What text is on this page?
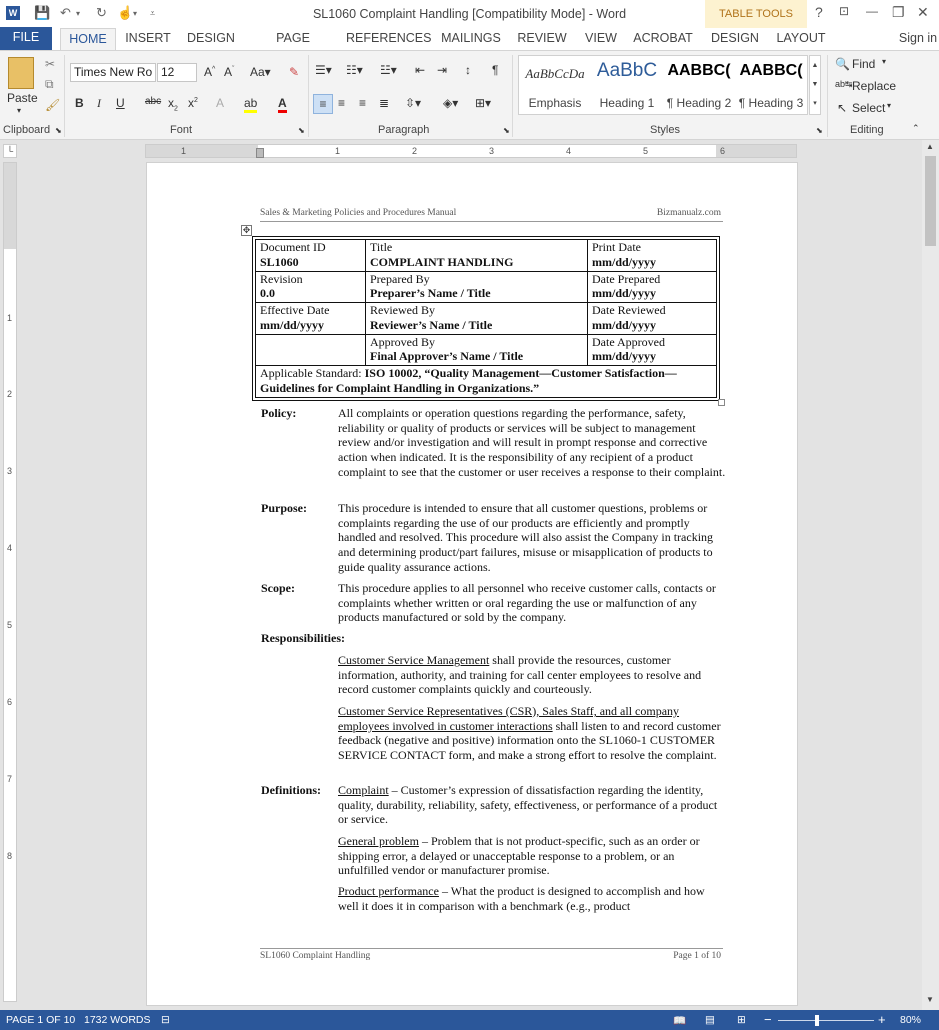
W 💾 ↶ ▾ ↻ ☝ ▾ ⩡	SL1060 Complaint Handling [Compatibility Mode] - Word	TABLE TOOLS	? ⊡ — ❐ ✕
FILE	HOME	INSERT	DESIGN	PAGE	REFERENCES MAILINGS REVIEW	VIEW	ACROBAT	DESIGN	LAYOUT	Sign in
Paste
▾
✂
⧉
🖌
Clipboard ⬊
Times New Ro 12	A^ $A^ˇ$ Aa▾ ✎
B I U abc $x_2$ $x^2$ A ab A
Font	⬊
☰▾ ☷▾ ☳▾ ⇤ ⇥ ↕ ¶
≡ ≡ ≡ ≣ ⇳▾ ◈▾ ⊞▾
Paragraph	⬊
AaBbCcDa
Emphasis
AaBbC
Heading 1
AABBC(
¶ Heading 2
AABBC(
¶ Heading 3
▲
▼
▾
Styles	⬊
🔍 Find ▾
ab↹ Replace
↖ Select ▾
Editing	⌃
└	1	1	2	3	4	5	6
1
2
3
4
5
6
7
8
▲
▼
Sales & Marketing Policies and Procedures Manual	Bizmanualz.com
✥
Document ID
SL1060	Title
COMPLAINT HANDLING	Print Date
mm/dd/yyyy

Revision
0.0	Prepared By
Preparer’s Name / Title	Date Prepared
mm/dd/yyyy

Effective Date
mm/dd/yyyy	Reviewed By
Reviewer’s Name / Title	Date Reviewed
mm/dd/yyyy

	Approved By
Final Approver’s Name / Title	Date Approved
mm/dd/yyyy
Applicable Standard: ISO 10002, “Quality Management—Customer Satisfaction—Guidelines for Complaint Handling in Organizations.”		
Policy:	All complaints or operation questions regarding the performance, safety, reliability or quality of products or services will be subject to management review and/or investigation and will result in prompt response and corrective action when indicated. It is the responsibility of any recipient of a product complaint to see that the customer or user receives a response to their complaint.
Purpose:	This procedure is intended to ensure that all customer questions, problems or complaints regarding the use of our products are efficiently and promptly handled and resolved. This procedure will also assist the Company in tracking and determining product/part failures, misuse or misapplication of products to guide quality assurance actions.
Scope:	This procedure applies to all personnel who receive customer calls, contacts or complaints whether written or oral regarding the use or malfunction of any products manufactured or sold by the company.
Responsibilities:
Customer Service Management shall provide the resources, customer information, authority, and training for call center employees to resolve and record customer complaints quickly and courteously.
Customer Service Representatives (CSR), Sales Staff, and all company employees involved in customer interactions shall listen to and record customer feedback (negative and positive) information onto the SL1060-1 CUSTOMER SERVICE CONTACT form, and make a strong effort to resolve the complaint.
Definitions:	Complaint – Customer’s expression of dissatisfaction regarding the identity, quality, durability, reliability, safety, effectiveness, or performance of a product or service.
General problem – Problem that is not product-specific, such as an order or shipping error, a delayed or unacceptable response to a problem, or an unfulfilled vendor or manufacturer promise.
Product performance – What the product is designed to accomplish and how well it does it in comparison with a benchmark (e.g., product
SL1060 Complaint Handling	Page 1 of 10
PAGE 1 OF 10 1732 WORDS ⊟	📖 ▤ ⊞ −	+ 80%
